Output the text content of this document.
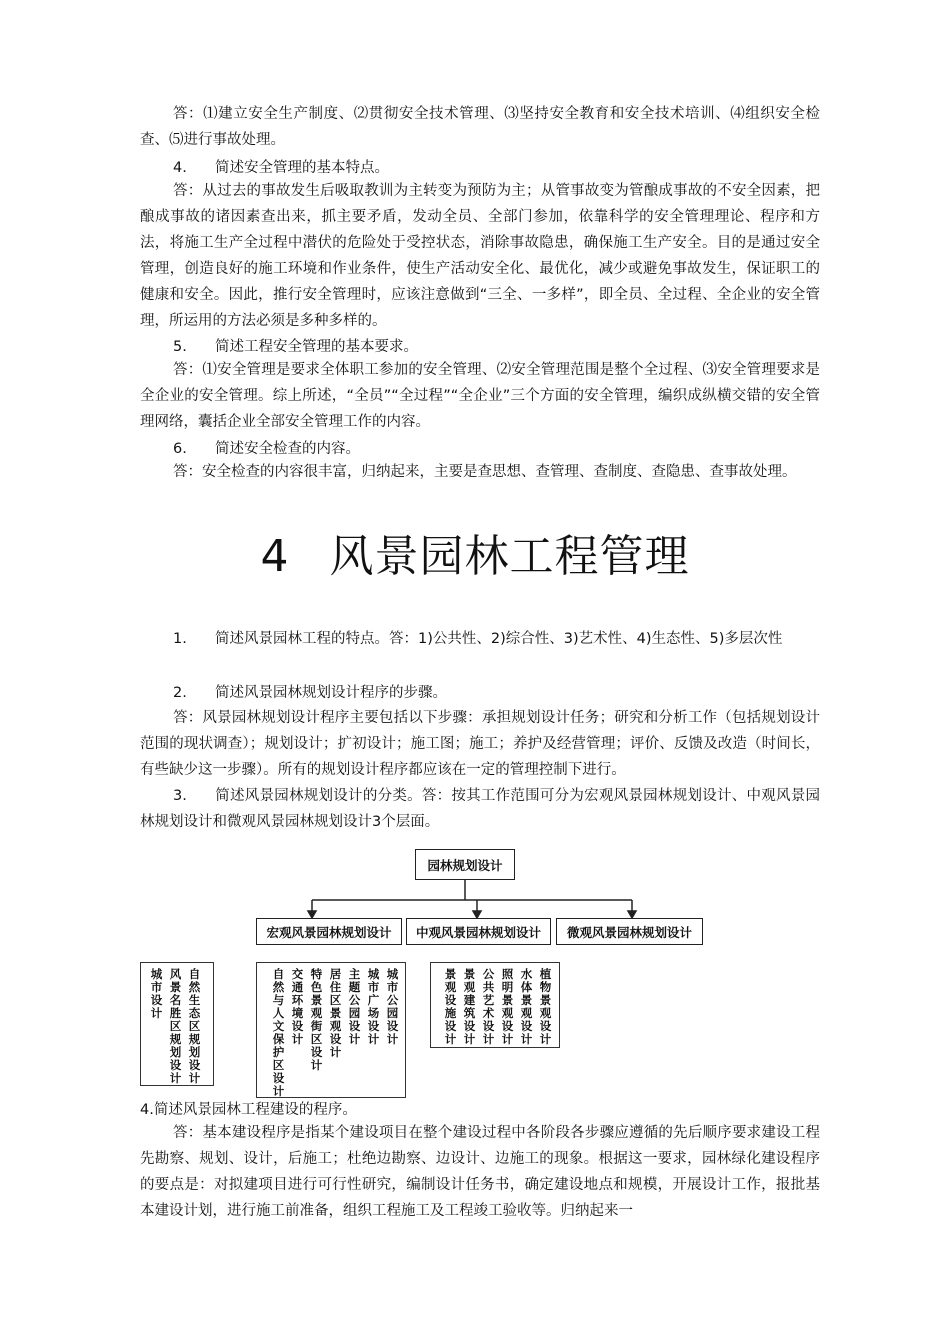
答：⑴建立安全生产制度、⑵贯彻安全技术管理、⑶坚持安全教育和安全技术培训、⑷组织安全检查、⑸进行事故处理。

4. 简述安全管理的基本特点。

答：从过去的事故发生后吸取教训为主转变为预防为主；从管事故变为管酿成事故的不安全因素，把酿成事故的诸因素查出来，抓主要矛盾，发动全员、全部门参加，依靠科学的安全管理理论、程序和方法，将施工生产全过程中潜伏的危险处于受控状态，消除事故隐患，确保施工生产安全。目的是通过安全管理，创造良好的施工环境和作业条件，使生产活动安全化、最优化，减少或避免事故发生，保证职工的健康和安全。因此，推行安全管理时，应该注意做到“三全、一多样”，即全员、全过程、全企业的安全管理，所运用的方法必须是多种多样的。

5. 简述工程安全管理的基本要求。

答：⑴安全管理是要求全体职工参加的安全管理、⑵安全管理范围是整个全过程、⑶安全管理要求是全企业的安全管理。综上所述，“全员”“全过程”“全企业”三个方面的安全管理，编织成纵横交错的安全管理网络，囊括企业全部安全管理工作的内容。

6. 简述安全检查的内容。

答：安全检查的内容很丰富，归纳起来，主要是查思想、查管理、查制度、查隐患、查事故处理。

4 风景园林工程管理

1. 简述风景园林工程的特点。答：1)公共性、2)综合性、3)艺术性、4)生态性、5)多层次性

2. 简述风景园林规划设计程序的步骤。

答：风景园林规划设计程序主要包括以下步骤：承担规划设计任务；研究和分析工作（包括规划设计范围的现状调查）；规划设计；扩初设计；施工图；施工；养护及经营管理；评价、反馈及改造（时间长，有些缺少这一步骤）。所有的规划设计程序都应该在一定的管理控制下进行。

3. 简述风景园林规划设计的分类。答：按其工作范围可分为宏观风景园林规划设计、中观风景园林规划设计和微观风景园林规划设计3个层面。

园林规划设计
宏观风景园林规划设计	中观风景园林规划设计	微观风景园林规划设计
城市设计
风景名胜区规划设计
自然生态区规划设计
自然与人文保护区设计
交通环境设计
特色景观街区设计
居住区景观设计
主题公园设计
城市广场设计
城市公园设计
景观设施设计
景观建筑设计
公共艺术设计
照明景观设计
水体景观设计
植物景观设计

4.简述风景园林工程建设的程序。

答：基本建设程序是指某个建设项目在整个建设过程中各阶段各步骤应遵循的先后顺序要求建设工程先勘察、规划、设计，后施工；杜绝边勘察、边设计、边施工的现象。根据这一要求，园林绿化建设程序的要点是：对拟建项目进行可行性研究，编制设计任务书，确定建设地点和规模，开展设计工作，报批基本建设计划，进行施工前准备，组织工程施工及工程竣工验收等。归纳起来一
